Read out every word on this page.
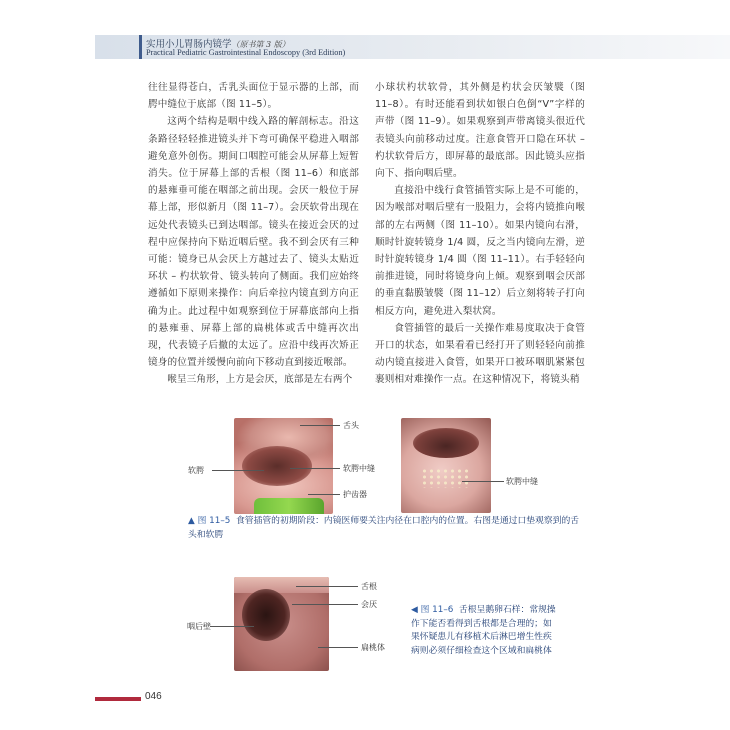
实用小儿胃肠内镜学（原书第 3 版）
Practical Pediatric Gastrointestinal Endoscopy (3rd Edition)

往往显得苍白，舌乳头面位于显示器的上部，而腭中缝位于底部（图 11–5）。

这两个结构是咽中线入路的解剖标志。沿这条路径轻轻推进镜头并下弯可确保平稳进入咽部避免意外创伤。期间口咽腔可能会从屏幕上短暂消失。位于屏幕上部的舌根（图 11–6）和底部的悬雍垂可能在咽部之前出现。会厌一般位于屏幕上部，形似新月（图 11–7）。会厌软骨出现在远处代表镜头已到达咽部。镜头在接近会厌的过程中应保持向下贴近咽后壁。我不到会厌有三种可能：镜身已从会厌上方越过去了、镜头太贴近环状 – 杓状软骨、镜头转向了侧面。我们应始终遵循如下原则来操作：向后牵拉内镜直到方向正确为止。此过程中如观察到位于屏幕底部向上指的悬雍垂、屏幕上部的扁桃体或舌中缝再次出现，代表镜子后撤的太远了。应沿中线再次矫正镜身的位置并缓慢向前向下移动直到接近喉部。

喉呈三角形，上方是会厌，底部是左右两个

小球状杓状软骨，其外侧是杓状会厌皱襞（图 11–8）。有时还能看到状如银白色倒“V”字样的声带（图 11–9）。如果观察到声带离镜头很近代表镜头向前移动过度。注意食管开口隐在环状 – 杓状软骨后方，即屏幕的最底部。因此镜头应指向下、指向咽后壁。

直接沿中线行食管插管实际上是不可能的，因为喉部对咽后壁有一股阻力，会将内镜推向喉部的左右两侧（图 11–10）。如果内镜向右滑，顺时针旋转镜身 1/4 圆，反之当内镜向左滑，逆时针旋转镜身 1/4 圆（图 11–11）。右手轻轻向前推进镜，同时将镜身向上倾。观察到咽会厌部的垂直黏膜皱襞（图 11–12）后立刻将转子打向相反方向，避免进入梨状窝。

食管插管的最后一关操作难易度取决于食管开口的状态，如果看看已经打开了则轻轻向前推动内镜直接进入食管，如果开口被环咽肌紧紧包裹则相对难操作一点。在这种情况下，将镜头稍

舌头
软腭	软腭中缝
护齿器
软腭中缝
▲ 图 11–5 食管插管的初期阶段：内镜医师要关注内径在口腔内的位置。右图是通过口垫观察到的舌头和软腭
舌根
会厌
咽后壁
扁桃体
◀ 图 11–6 舌根呈鹅卵石样：常规操作下能否看得到舌根都是合理的；如果怀疑患儿有移植术后淋巴增生性疾病则必须仔细检查这个区域和扁桃体
046
